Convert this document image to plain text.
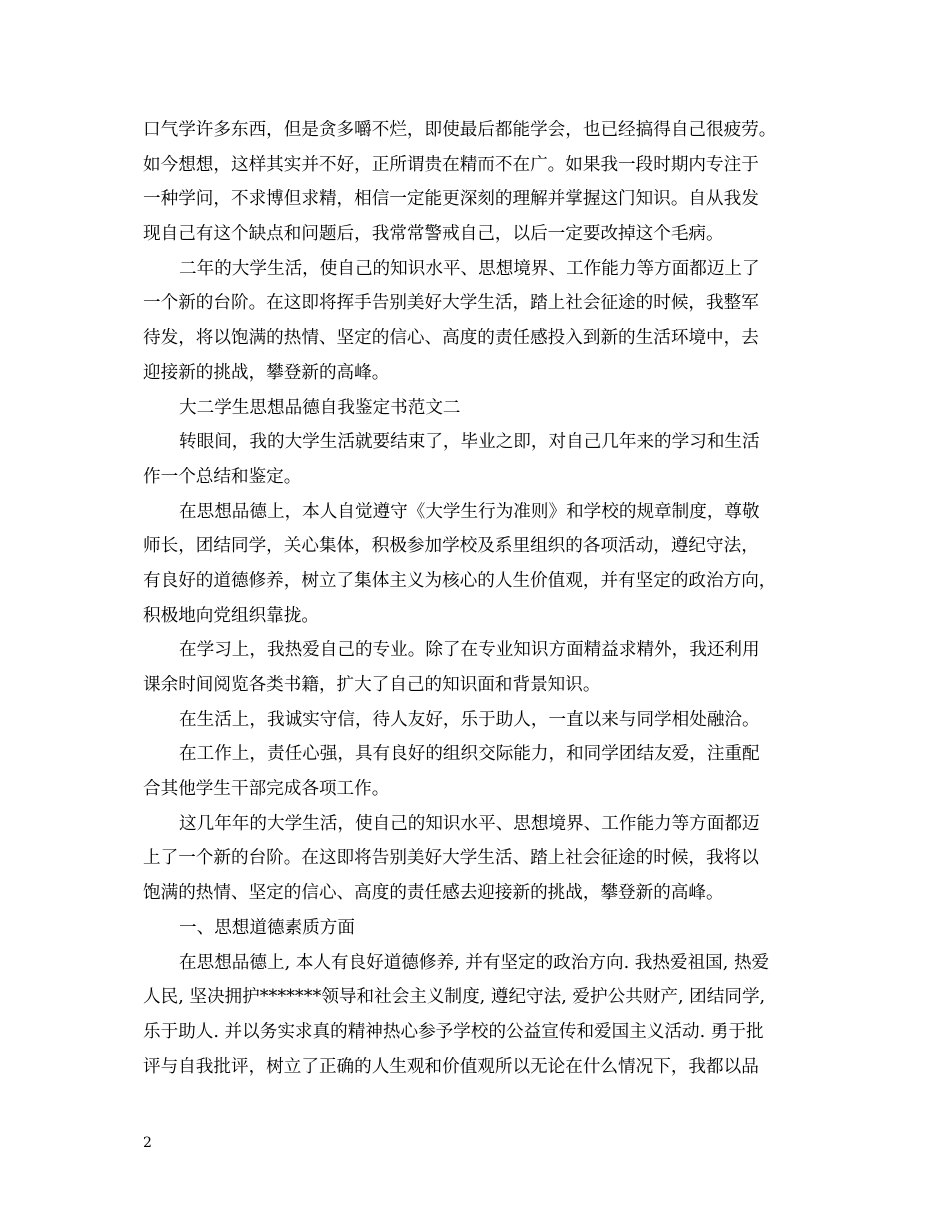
口气学许多东西，但是贪多嚼不烂，即使最后都能学会，也已经搞得自己很疲劳。
如今想想，这样其实并不好，正所谓贵在精而不在广。如果我一段时期内专注于
一种学问，不求博但求精，相信一定能更深刻的理解并掌握这门知识。自从我发
现自己有这个缺点和问题后，我常常警戒自己，以后一定要改掉这个毛病。
二年的大学生活，使自己的知识水平、思想境界、工作能力等方面都迈上了
一个新的台阶。在这即将挥手告别美好大学生活，踏上社会征途的时候，我整军
待发，将以饱满的热情、坚定的信心、高度的责任感投入到新的生活环境中，去
迎接新的挑战，攀登新的高峰。
大二学生思想品德自我鉴定书范文二
转眼间，我的大学生活就要结束了，毕业之即，对自己几年来的学习和生活
作一个总结和鉴定。
在思想品德上，本人自觉遵守《大学生行为准则》和学校的规章制度，尊敬
师长，团结同学，关心集体，积极参加学校及系里组织的各项活动，遵纪守法，
有良好的道德修养，树立了集体主义为核心的人生价值观，并有坚定的政治方向，
积极地向党组织靠拢。
在学习上，我热爱自己的专业。除了在专业知识方面精益求精外，我还利用
课余时间阅览各类书籍，扩大了自己的知识面和背景知识。
在生活上，我诚实守信，待人友好，乐于助人，一直以来与同学相处融洽。
在工作上，责任心强，具有良好的组织交际能力，和同学团结友爱，注重配
合其他学生干部完成各项工作。
这几年年的大学生活，使自己的知识水平、思想境界、工作能力等方面都迈
上了一个新的台阶。在这即将告别美好大学生活、踏上社会征途的时候，我将以
饱满的热情、坚定的信心、高度的责任感去迎接新的挑战，攀登新的高峰。
一、思想道德素质方面
在思想品德上, 本人有良好道德修养, 并有坚定的政治方向. 我热爱祖国, 热爱
人民, 坚决拥护*******领导和社会主义制度, 遵纪守法, 爱护公共财产, 团结同学,
乐于助人. 并以务实求真的精神热心参予学校的公益宣传和爱国主义活动. 勇于批
评与自我批评，树立了正确的人生观和价值观所以无论在什么情况下，我都以品
2
